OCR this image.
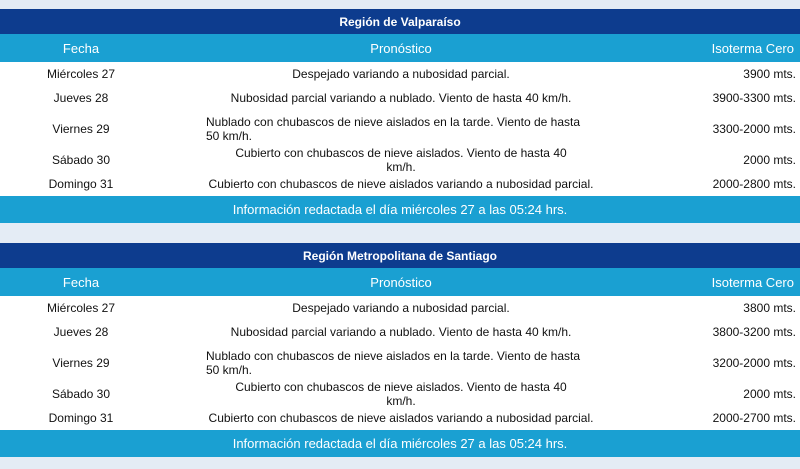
Región de Valparaíso
Fecha	Pronóstico	Isoterma Cero
Miércoles 27	Despejado variando a nubosidad parcial.	3900 mts.
Jueves 28	Nubosidad parcial variando a nublado. Viento de hasta 40 km/h.	3900-3300 mts.
Viernes 29	Nublado con chubascos de nieve aislados en la tarde. Viento de hasta 50 km/h.	3300-2000 mts.
Sábado 30	Cubierto con chubascos de nieve aislados. Viento de hasta 40 km/h.	2000 mts.
Domingo 31	Cubierto con chubascos de nieve aislados variando a nubosidad parcial.	2000-2800 mts.
Información redactada el día miércoles 27 a las 05:24 hrs.
Región Metropolitana de Santiago
Fecha	Pronóstico	Isoterma Cero
Miércoles 27	Despejado variando a nubosidad parcial.	3800 mts.
Jueves 28	Nubosidad parcial variando a nublado. Viento de hasta 40 km/h.	3800-3200 mts.
Viernes 29	Nublado con chubascos de nieve aislados en la tarde. Viento de hasta 50 km/h.	3200-2000 mts.
Sábado 30	Cubierto con chubascos de nieve aislados. Viento de hasta 40 km/h.	2000 mts.
Domingo 31	Cubierto con chubascos de nieve aislados variando a nubosidad parcial.	2000-2700 mts.
Información redactada el día miércoles 27 a las 05:24 hrs.
